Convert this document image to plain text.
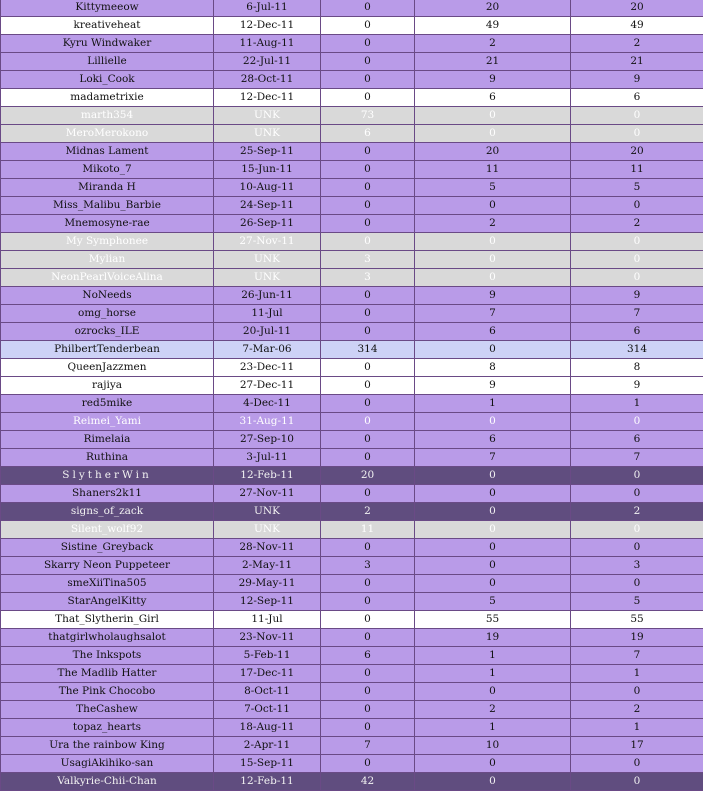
Kittymeeow	6-Jul-11	0	20	20
kreativeheat	12-Dec-11	0	49	49
Kyru Windwaker	11-Aug-11	0	2	2
Lillielle	22-Jul-11	0	21	21
Loki_Cook	28-Oct-11	0	9	9
madametrixie	12-Dec-11	0	6	6
marth354	UNK	73	0	0
MeroMerokono	UNK	6	0	0
Midnas Lament	25-Sep-11	0	20	20
Mikoto_7	15-Jun-11	0	11	11
Miranda H	10-Aug-11	0	5	5
Miss_Malibu_Barbie	24-Sep-11	0	0	0
Mnemosyne-rae	26-Sep-11	0	2	2
My Symphonee	27-Nov-11	0	0	0
Mylian	UNK	3	0	0
NeonPearlVoiceAlina	UNK	3	0	0
NoNeeds	26-Jun-11	0	9	9
omg_horse	11-Jul	0	7	7
ozrocks_ILE	20-Jul-11	0	6	6
PhilbertTenderbean	7-Mar-06	314	0	314
QueenJazzmen	23-Dec-11	0	8	8
rajiya	27-Dec-11	0	9	9
red5mike	4-Dec-11	0	1	1
Reimei_Yami	31-Aug-11	0	0	0
Rimelaia	27-Sep-10	0	6	6
Ruthina	3-Jul-11	0	7	7
SlytherWin	12-Feb-11	20	0	0
Shaners2k11	27-Nov-11	0	0	0
signs_of_zack	UNK	2	0	2
Silent_wolf92	UNK	11	0	0
Sistine_Greyback	28-Nov-11	0	0	0
Skarry Neon Puppeteer	2-May-11	3	0	3
smeXiiTina505	29-May-11	0	0	0
StarAngelKitty	12-Sep-11	0	5	5
That_Slytherin_Girl	11-Jul	0	55	55
thatgirlwholaughsalot	23-Nov-11	0	19	19
The Inkspots	5-Feb-11	6	1	7
The Madlib Hatter	17-Dec-11	0	1	1
The Pink Chocobo	8-Oct-11	0	0	0
TheCashew	7-Oct-11	0	2	2
topaz_hearts	18-Aug-11	0	1	1
Ura the rainbow King	2-Apr-11	7	10	17
UsagiAkihiko-san	15-Sep-11	0	0	0
Valkyrie-Chii-Chan	12-Feb-11	42	0	0
